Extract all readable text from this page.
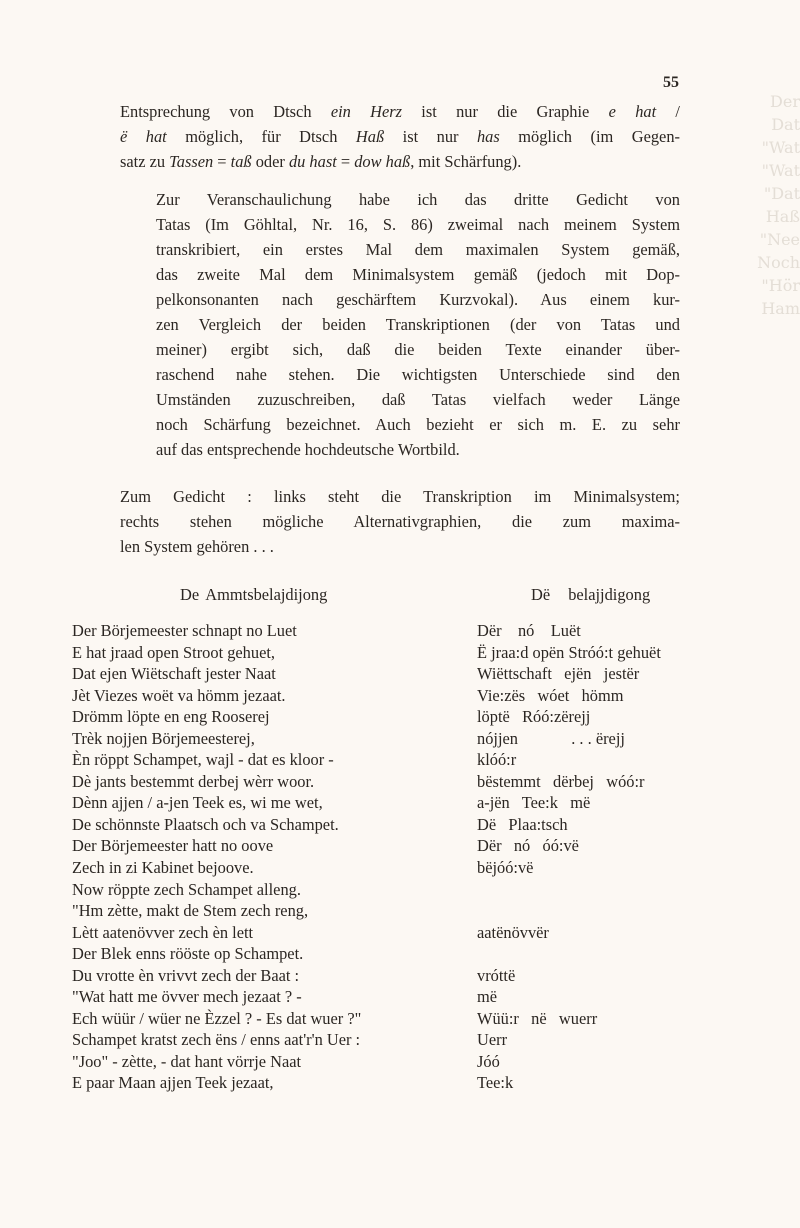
Der
Dat
"Wat
"Wat
"Dat
Haß
"Nee
Noch
"Hör
Ham
55

Entsprechung von Dtsch ein Herz ist nur die Graphie e hat /
ë hat möglich, für Dtsch Haß ist nur has möglich (im Gegen-
satz zu Tassen = taß oder du hast = dow haß, mit Schärfung).

Zur Veranschaulichung habe ich das dritte Gedicht von
Tatas (Im Göhltal, Nr. 16, S. 86) zweimal nach meinem System
transkribiert, ein erstes Mal dem maximalen System gemäß,
das zweite Mal dem Minimalsystem gemäß (jedoch mit Dop-
pelkonsonanten nach geschärftem Kurzvokal). Aus einem kur-
zen Vergleich der beiden Transkriptionen (der von Tatas und
meiner) ergibt sich, daß die beiden Texte einander über-
raschend nahe stehen. Die wichtigsten Unterschiede sind den
Umständen zuzuschreiben, daß Tatas vielfach weder Länge
noch Schärfung bezeichnet. Auch bezieht er sich m. E. zu sehr
auf das entsprechende hochdeutsche Wortbild.

Zum Gedicht : links steht die Transkription im Minimalsystem;
rechts stehen mögliche Alternativgraphien, die zum maxima-
len System gehören . . .

De Ammtsbelajdijong	Dë belajjdigong
Der Börjemeester schnapt no Luet
E hat jraad open Stroot gehuet,
Dat ejen Wiëtschaft jester Naat
Jèt Viezes woët va hömm jezaat.
Drömm löpte en eng Rooserej
Trèk nojjen Börjemeesterej,
Èn röppt Schampet, wajl - dat es kloor -
Dè jants bestemmt derbej wèrr woor.
Dènn ajjen / a-jen Teek es, wi me wet,
De schönnste Plaatsch och va Schampet.
Der Börjemeester hatt no oove
Zech in zi Kabinet bejoove.
Now röppte zech Schampet alleng.
"Hm zètte, makt de Stem zech reng,
Lètt aatenövver zech èn lett
Der Blek enns rööste op Schampet.
Du vrotte èn vrivvt zech der Baat :
"Wat hatt me övver mech jezaat ? -
Ech wüür / wüer ne Èzzel ? - Es dat wuer ?"
Schampet kratst zech ëns / enns aat'r'n Uer :
"Joo" - zètte, - dat hant vörrje Naat
E paar Maan ajjen Teek jezaat,
Dër    nó    Luët
Ë jraa:d opën Stróó:t gehuët
Wiëttschaft   ejën   jestër
Vie:zës   wóet   hömm
löptë   Róó:zërejj
nójjen             . . . ërejj
klóó:r
bëstemmt   dërbej   wóó:r
a-jën   Tee:k   më
Dë   Plaa:tsch
Dër   nó   óó:vë
bëjóó:vë
aatënövvër
vróttë
më
Wüü:r   në   wuerr
Uerr
Jóó
Tee:k
